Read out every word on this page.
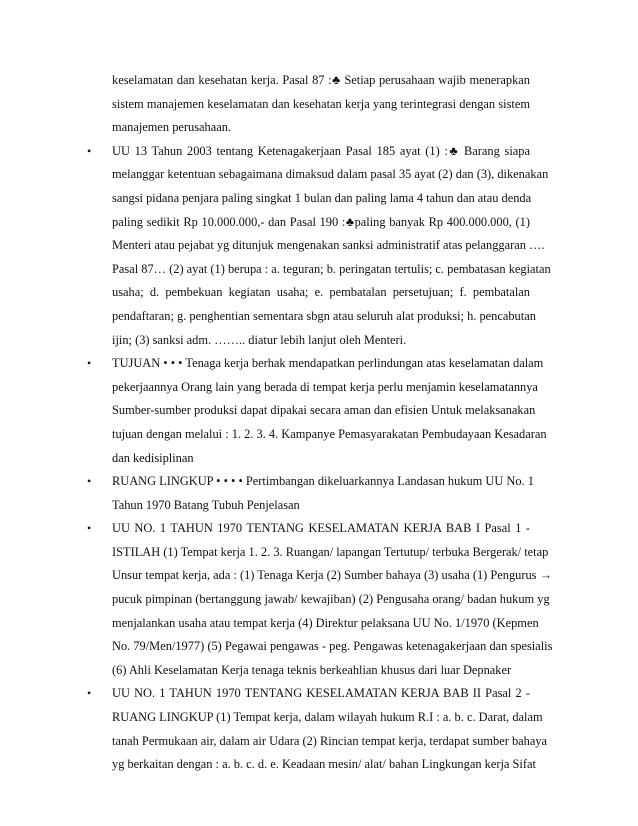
keselamatan dan kesehatan kerja. Pasal 87 :♣ Setiap perusahaan wajib menerapkan
sistem manajemen keselamatan dan kesehatan kerja yang terintegrasi dengan sistem
manajemen perusahaan.
• UU 13 Tahun 2003 tentang Ketenagakerjaan Pasal 185 ayat (1) :♣ Barang siapa
melanggar ketentuan sebagaimana dimaksud dalam pasal 35 ayat (2) dan (3), dikenakan
sangsi pidana penjara paling singkat 1 bulan dan paling lama 4 tahun dan atau denda
paling sedikit Rp 10.000.000,- dan Pasal 190 :♣paling banyak Rp 400.000.000, (1)
Menteri atau pejabat yg ditunjuk mengenakan sanksi administratif atas pelanggaran ….
Pasal 87… (2) ayat (1) berupa : a. teguran; b. peringatan tertulis; c. pembatasan kegiatan
usaha; d. pembekuan kegiatan usaha; e. pembatalan persetujuan; f. pembatalan
pendaftaran; g. penghentian sementara sbgn atau seluruh alat produksi; h. pencabutan
ijin; (3) sanksi adm. …….. diatur lebih lanjut oleh Menteri.
• TUJUAN • • • Tenaga kerja berhak mendapatkan perlindungan atas keselamatan dalam
pekerjaannya Orang lain yang berada di tempat kerja perlu menjamin keselamatannya
Sumber-sumber produksi dapat dipakai secara aman dan efisien Untuk melaksanakan
tujuan dengan melalui : 1. 2. 3. 4. Kampanye Pemasyarakatan Pembudayaan Kesadaran
dan kedisiplinan
• RUANG LINGKUP • • • • Pertimbangan dikeluarkannya Landasan hukum UU No. 1
Tahun 1970 Batang Tubuh Penjelasan
• UU NO. 1 TAHUN 1970 TENTANG KESELAMATAN KERJA BAB I Pasal 1 -
ISTILAH (1) Tempat kerja 1. 2. 3. Ruangan/ lapangan Tertutup/ terbuka Bergerak/ tetap
Unsur tempat kerja, ada : (1) Tenaga Kerja (2) Sumber bahaya (3) usaha (1) Pengurus →
pucuk pimpinan (bertanggung jawab/ kewajiban) (2) Pengusaha orang/ badan hukum yg
menjalankan usaha atau tempat kerja (4) Direktur pelaksana UU No. 1/1970 (Kepmen
No. 79/Men/1977) (5) Pegawai pengawas - peg. Pengawas ketenagakerjaan dan spesialis
(6) Ahli Keselamatan Kerja tenaga teknis berkeahlian khusus dari luar Depnaker
• UU NO. 1 TAHUN 1970 TENTANG KESELAMATAN KERJA BAB II Pasal 2 -
RUANG LINGKUP (1) Tempat kerja, dalam wilayah hukum R.I : a. b. c. Darat, dalam
tanah Permukaan air, dalam air Udara (2) Rincian tempat kerja, terdapat sumber bahaya
yg berkaitan dengan : a. b. c. d. e. Keadaan mesin/ alat/ bahan Lingkungan kerja Sifat
